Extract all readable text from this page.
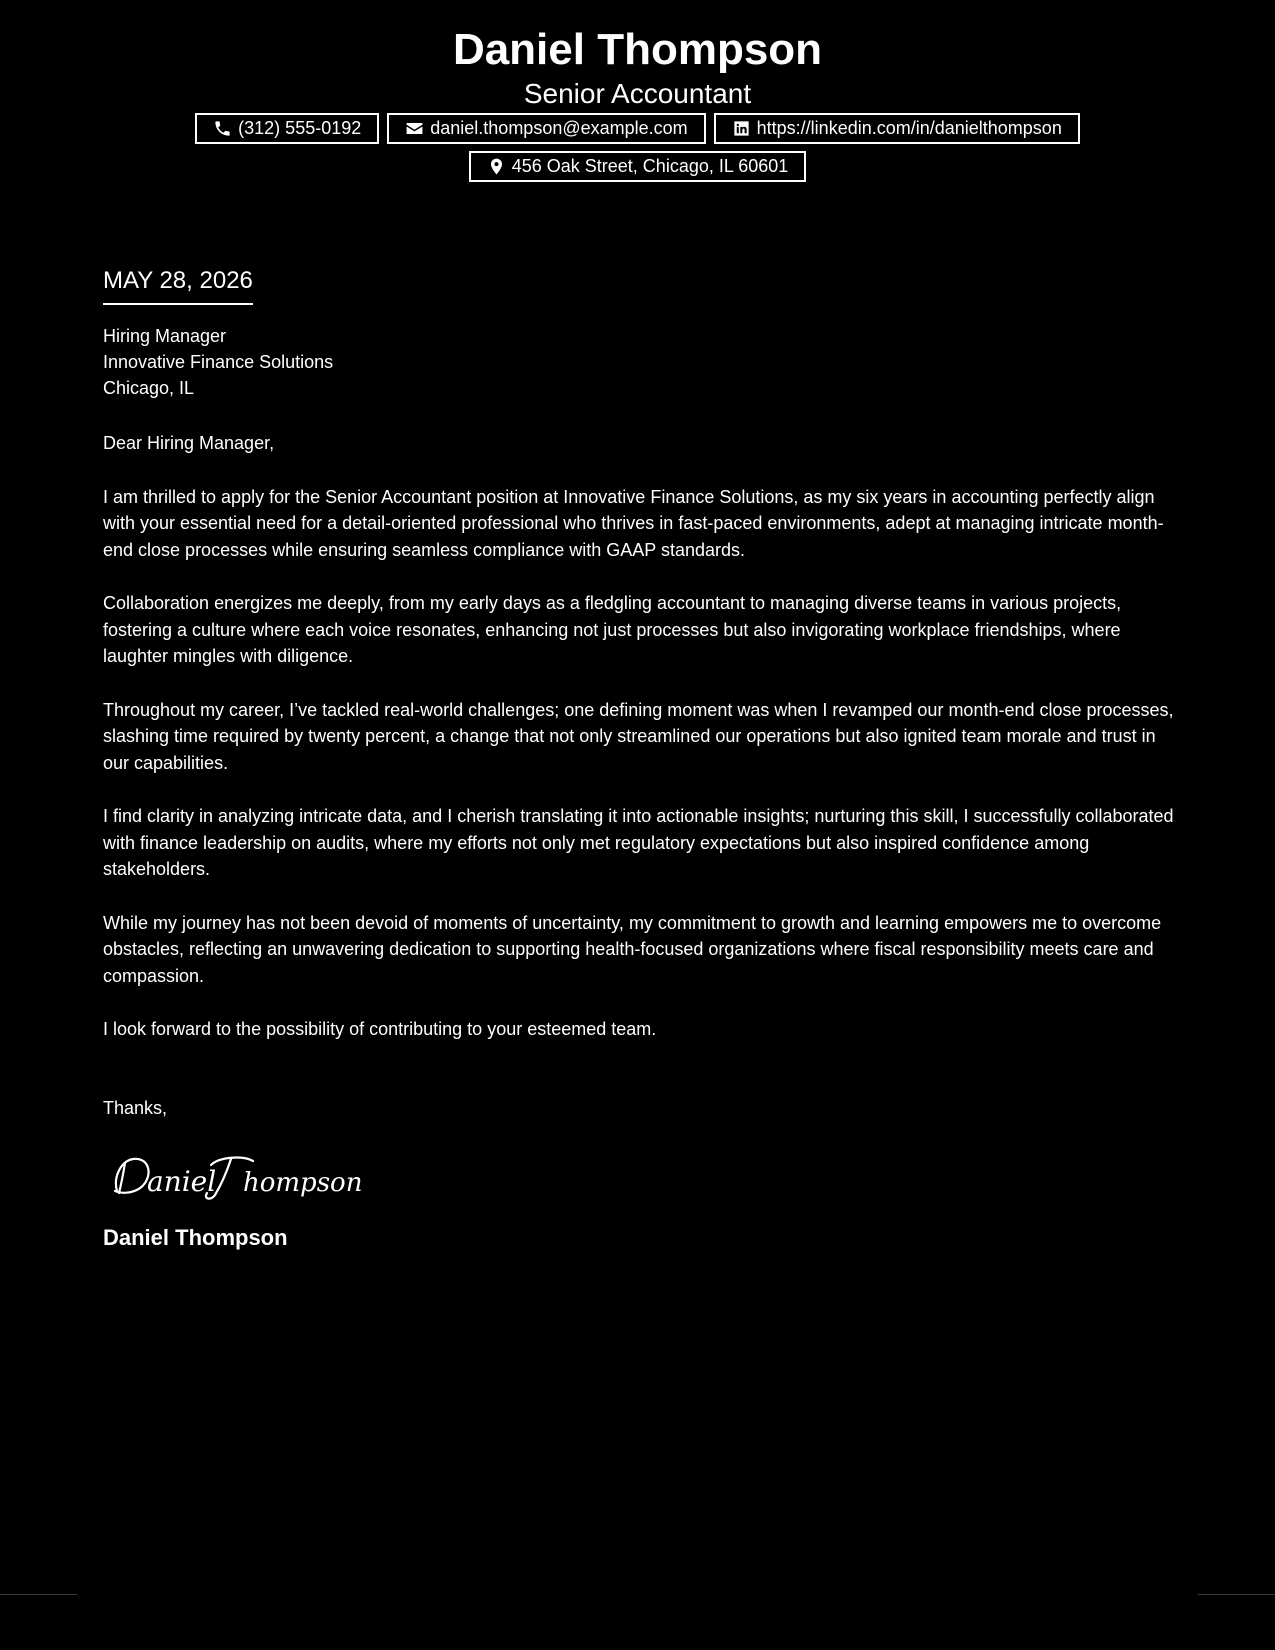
Daniel Thompson
Senior Accountant
(312) 555-0192	daniel.thompson@example.com	https://linkedin.com/in/danielthompson
456 Oak Street, Chicago, IL 60601
MAY 28, 2026
Hiring Manager
Innovative Finance Solutions
Chicago, IL
Dear Hiring Manager,
I am thrilled to apply for the Senior Accountant position at Innovative Finance Solutions, as my six years in accounting perfectly align with your essential need for a detail-oriented professional who thrives in fast-paced environments, adept at managing intricate month-end close processes while ensuring seamless compliance with GAAP standards.
Collaboration energizes me deeply, from my early days as a fledgling accountant to managing diverse teams in various projects, fostering a culture where each voice resonates, enhancing not just processes but also invigorating workplace friendships, where laughter mingles with diligence.
Throughout my career, I’ve tackled real-world challenges; one defining moment was when I revamped our month-end close processes, slashing time required by twenty percent, a change that not only streamlined our operations but also ignited team morale and trust in our capabilities.
I find clarity in analyzing intricate data, and I cherish translating it into actionable insights; nurturing this skill, I successfully collaborated with finance leadership on audits, where my efforts not only met regulatory expectations but also inspired confidence among stakeholders.
While my journey has not been devoid of moments of uncertainty, my commitment to growth and learning empowers me to overcome obstacles, reflecting an unwavering dedication to supporting health-focused organizations where fiscal responsibility meets care and compassion.
I look forward to the possibility of contributing to your esteemed team.
Thanks,
aniel hompson
Daniel Thompson
